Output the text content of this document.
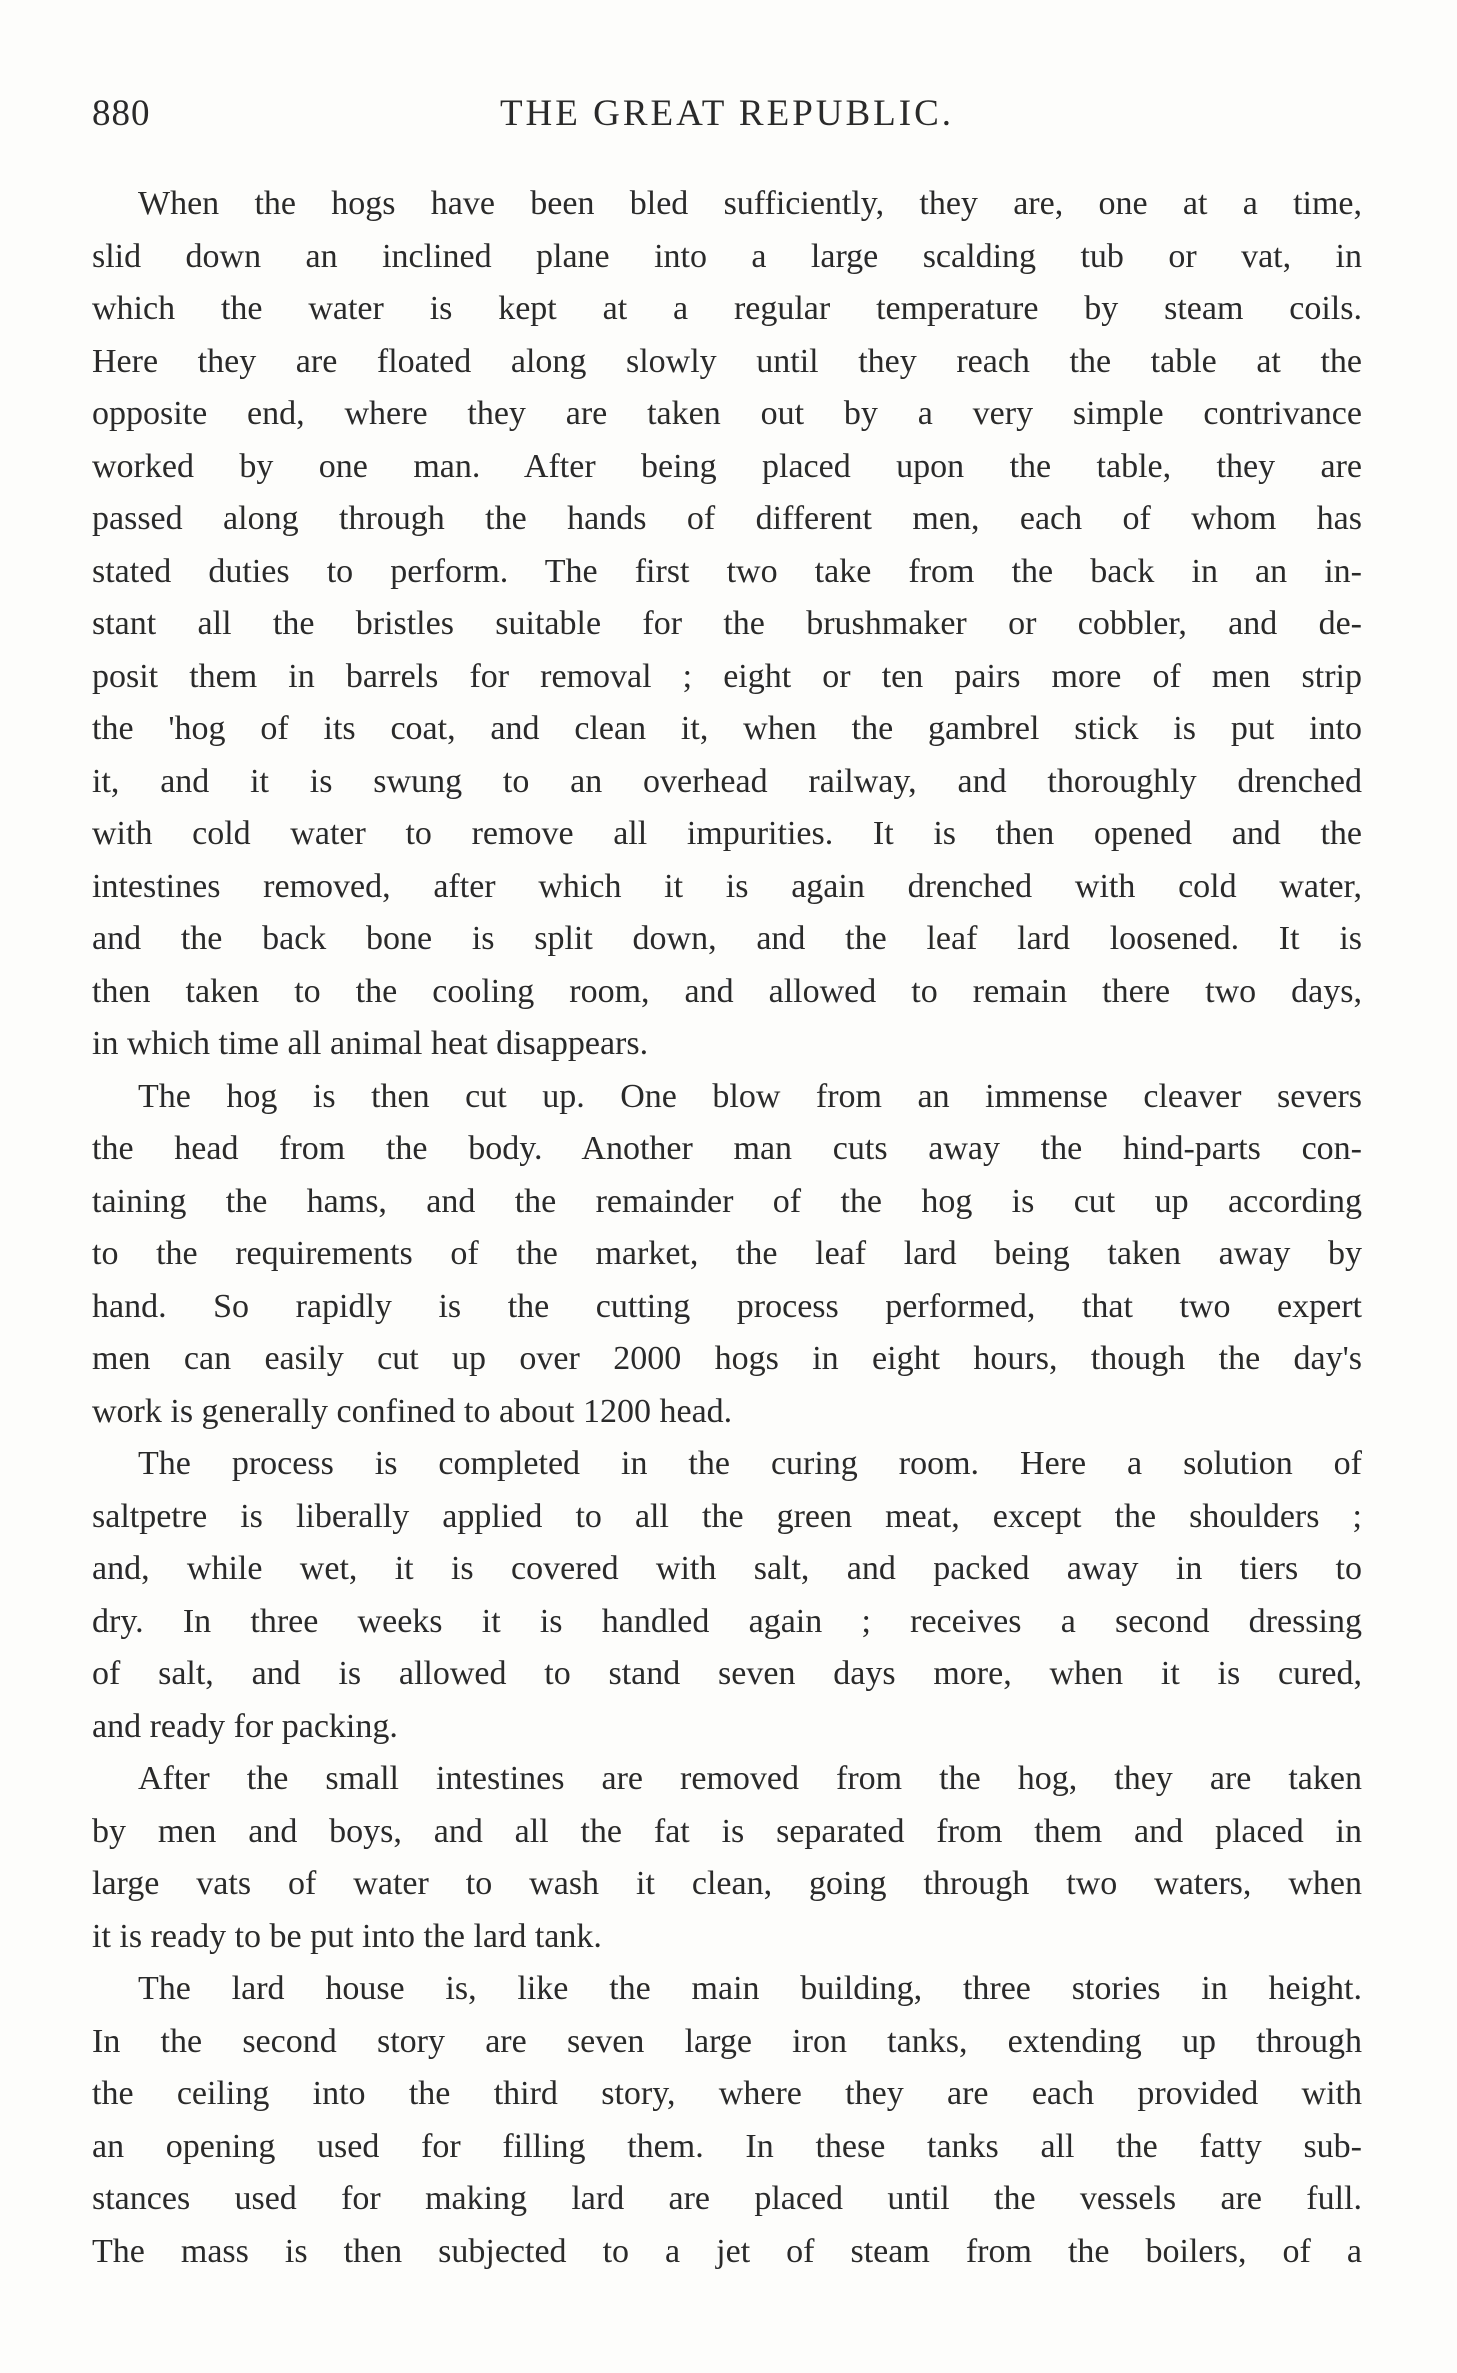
880	THE GREAT REPUBLIC.
When the hogs have been bled sufficiently, they are, one at a time,
slid down an inclined plane into a large scalding tub or vat, in
which the water is kept at a regular temperature by steam coils.
Here they are floated along slowly until they reach the table at the
opposite end, where they are taken out by a very simple contrivance
worked by one man. After being placed upon the table, they are
passed along through the hands of different men, each of whom has
stated duties to perform. The first two take from the back in an in-
stant all the bristles suitable for the brushmaker or cobbler, and de-
posit them in barrels for removal ; eight or ten pairs more of men strip
the 'hog of its coat, and clean it, when the gambrel stick is put into
it, and it is swung to an overhead railway, and thoroughly drenched
with cold water to remove all impurities. It is then opened and the
intestines removed, after which it is again drenched with cold water,
and the back bone is split down, and the leaf lard loosened. It is
then taken to the cooling room, and allowed to remain there two days,
in which time all animal heat disappears.
The hog is then cut up. One blow from an immense cleaver severs
the head from the body. Another man cuts away the hind-parts con-
taining the hams, and the remainder of the hog is cut up according
to the requirements of the market, the leaf lard being taken away by
hand. So rapidly is the cutting process performed, that two expert
men can easily cut up over 2000 hogs in eight hours, though the day's
work is generally confined to about 1200 head.
The process is completed in the curing room. Here a solution of
saltpetre is liberally applied to all the green meat, except the shoulders ;
and, while wet, it is covered with salt, and packed away in tiers to
dry. In three weeks it is handled again ; receives a second dressing
of salt, and is allowed to stand seven days more, when it is cured,
and ready for packing.
After the small intestines are removed from the hog, they are taken
by men and boys, and all the fat is separated from them and placed in
large vats of water to wash it clean, going through two waters, when
it is ready to be put into the lard tank.
The lard house is, like the main building, three stories in height.
In the second story are seven large iron tanks, extending up through
the ceiling into the third story, where they are each provided with
an opening used for filling them. In these tanks all the fatty sub-
stances used for making lard are placed until the vessels are full.
The mass is then subjected to a jet of steam from the boilers, of a
